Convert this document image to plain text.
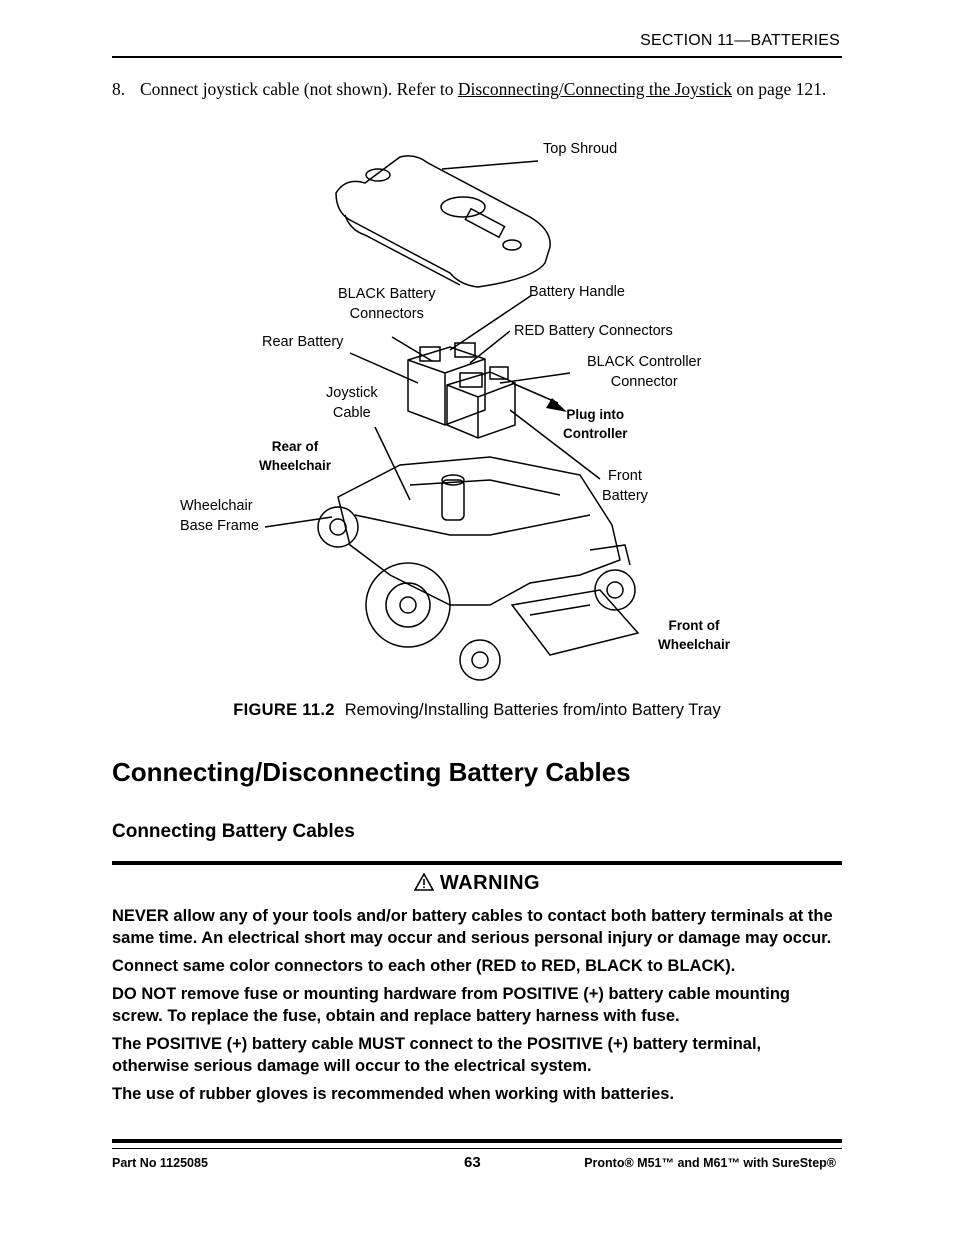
SECTION 11—BATTERIES
8. Connect joystick cable (not shown). Refer to Disconnecting/Connecting the Joystick on page 121.
Top Shroud
BLACK Battery
Connectors
Battery Handle
RED Battery Connectors
Rear Battery
BLACK Controller
Connector
Joystick
Cable	Plug into
Controller
Rear of
Wheelchair
Front
Battery
Wheelchair
Base Frame
Front of
Wheelchair
FIGURE 11.2 Removing/Installing Batteries from/into Battery Tray
Connecting/Disconnecting Battery Cables
Connecting Battery Cables
WARNING

NEVER allow any of your tools and/or battery cables to contact both battery terminals at the same time. An electrical short may occur and serious personal injury or damage may occur.

Connect same color connectors to each other (RED to RED, BLACK to BLACK).

DO NOT remove fuse or mounting hardware from POSITIVE (+) battery cable mounting screw. To replace the fuse, obtain and replace battery harness with fuse.

The POSITIVE (+) battery cable MUST connect to the POSITIVE (+) battery terminal, otherwise serious damage will occur to the electrical system.

The use of rubber gloves is recommended when working with batteries.

Part No 1125085	63	Pronto® M51™ and M61™ with SureStep®
